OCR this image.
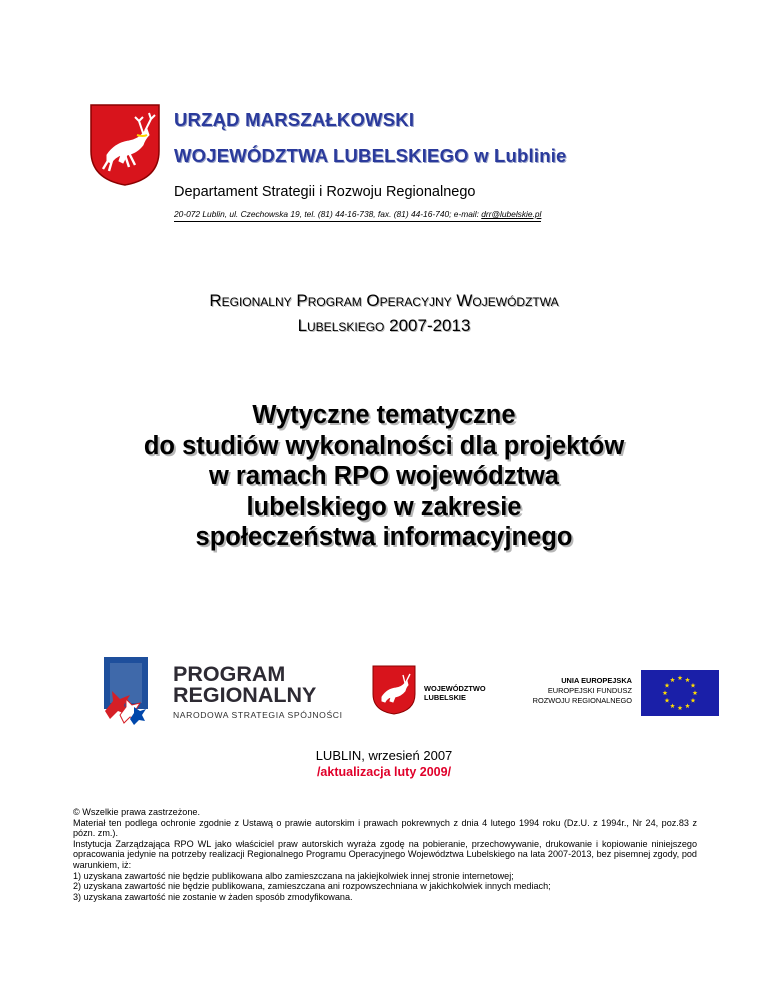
URZĄD MARSZAŁKOWSKI
WOJEWÓDZTWA LUBELSKIEGO w Lublinie
Departament Strategii i Rozwoju Regionalnego
20-072 Lublin, ul. Czechowska 19, tel. (81) 44-16-738, fax. (81) 44-16-740; e-mail: drr@lubelskie.pl
Regionalny Program Operacyjny Województwa
Lubelskiego 2007-2013
Wytyczne tematyczne
do studiów wykonalności dla projektów
w ramach RPO województwa
lubelskiego w zakresie
społeczeństwa informacyjnego
PROGRAM
REGIONALNY
NARODOWA STRATEGIA SPÓJNOŚCI
WOJEWÓDZTWO
LUBELSKIE
UNIA EUROPEJSKA
EUROPEJSKI FUNDUSZ
ROZWOJU REGIONALNEGO
LUBLIN, wrzesień 2007
/aktualizacja luty 2009/

© Wszelkie prawa zastrzeżone.

Materiał ten podlega ochronie zgodnie z Ustawą o prawie autorskim i prawach pokrewnych z dnia 4 lutego 1994 roku (Dz.U. z 1994r., Nr 24, poz.83 z pózn. zm.).

Instytucja Zarządzająca RPO WL jako właściciel praw autorskich wyraża zgodę na pobieranie, przechowywanie, drukowanie i kopiowanie niniejszego opracowania jedynie na potrzeby realizacji Regionalnego Programu Operacyjnego Województwa Lubelskiego na lata 2007-2013, bez pisemnej zgody, pod warunkiem, iż:

1) uzyskana zawartość nie będzie publikowana albo zamieszczana na jakiejkolwiek innej stronie internetowej;

2) uzyskana zawartość nie będzie publikowana, zamieszczana ani rozpowszechniana w jakichkolwiek innych mediach;

3) uzyskana zawartość nie zostanie w żaden sposób zmodyfikowana.
